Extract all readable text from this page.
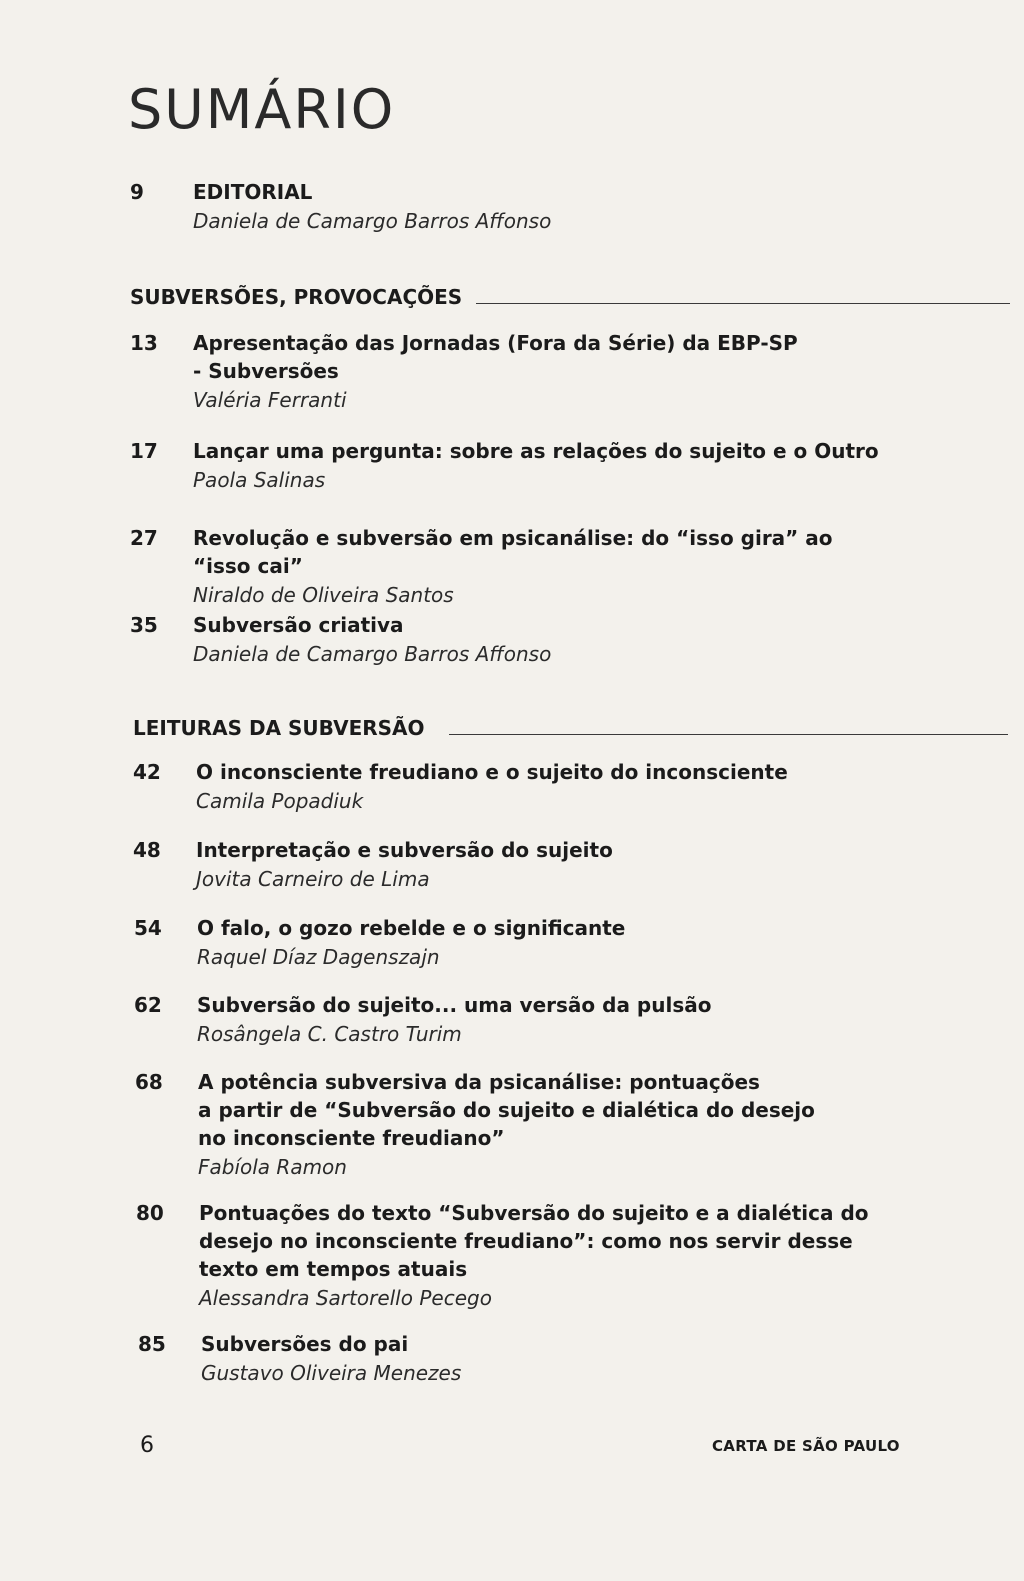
SUMÁRIO
9	EDITORIAL
Daniela de Camargo Barros Affonso
SUBVERSÕES, PROVOCAÇÕES
13	Apresentação das Jornadas (Fora da Série) da EBP-SP
- Subversões
Valéria Ferranti
17	Lançar uma pergunta: sobre as relações do sujeito e o Outro
Paola Salinas
27	Revolução e subversão em psicanálise: do “isso gira” ao “isso cai”
Niraldo de Oliveira Santos
35	Subversão criativa
Daniela de Camargo Barros Affonso
LEITURAS DA SUBVERSÃO
42	O inconsciente freudiano e o sujeito do inconsciente
Camila Popadiuk
48	Interpretação e subversão do sujeito
Jovita Carneiro de Lima
54	O falo, o gozo rebelde e o significante
Raquel Díaz Dagenszajn
62	Subversão do sujeito... uma versão da pulsão
Rosângela C. Castro Turim
68	A potência subversiva da psicanálise: pontuações
a partir de “Subversão do sujeito e dialética do desejo
no inconsciente freudiano”
Fabíola Ramon
80	Pontuações do texto “Subversão do sujeito e a dialética do
desejo no inconsciente freudiano”: como nos servir desse
texto em tempos atuais
Alessandra Sartorello Pecego
85	Subversões do pai
Gustavo Oliveira Menezes
6	CARTA DE SÃO PAULO
